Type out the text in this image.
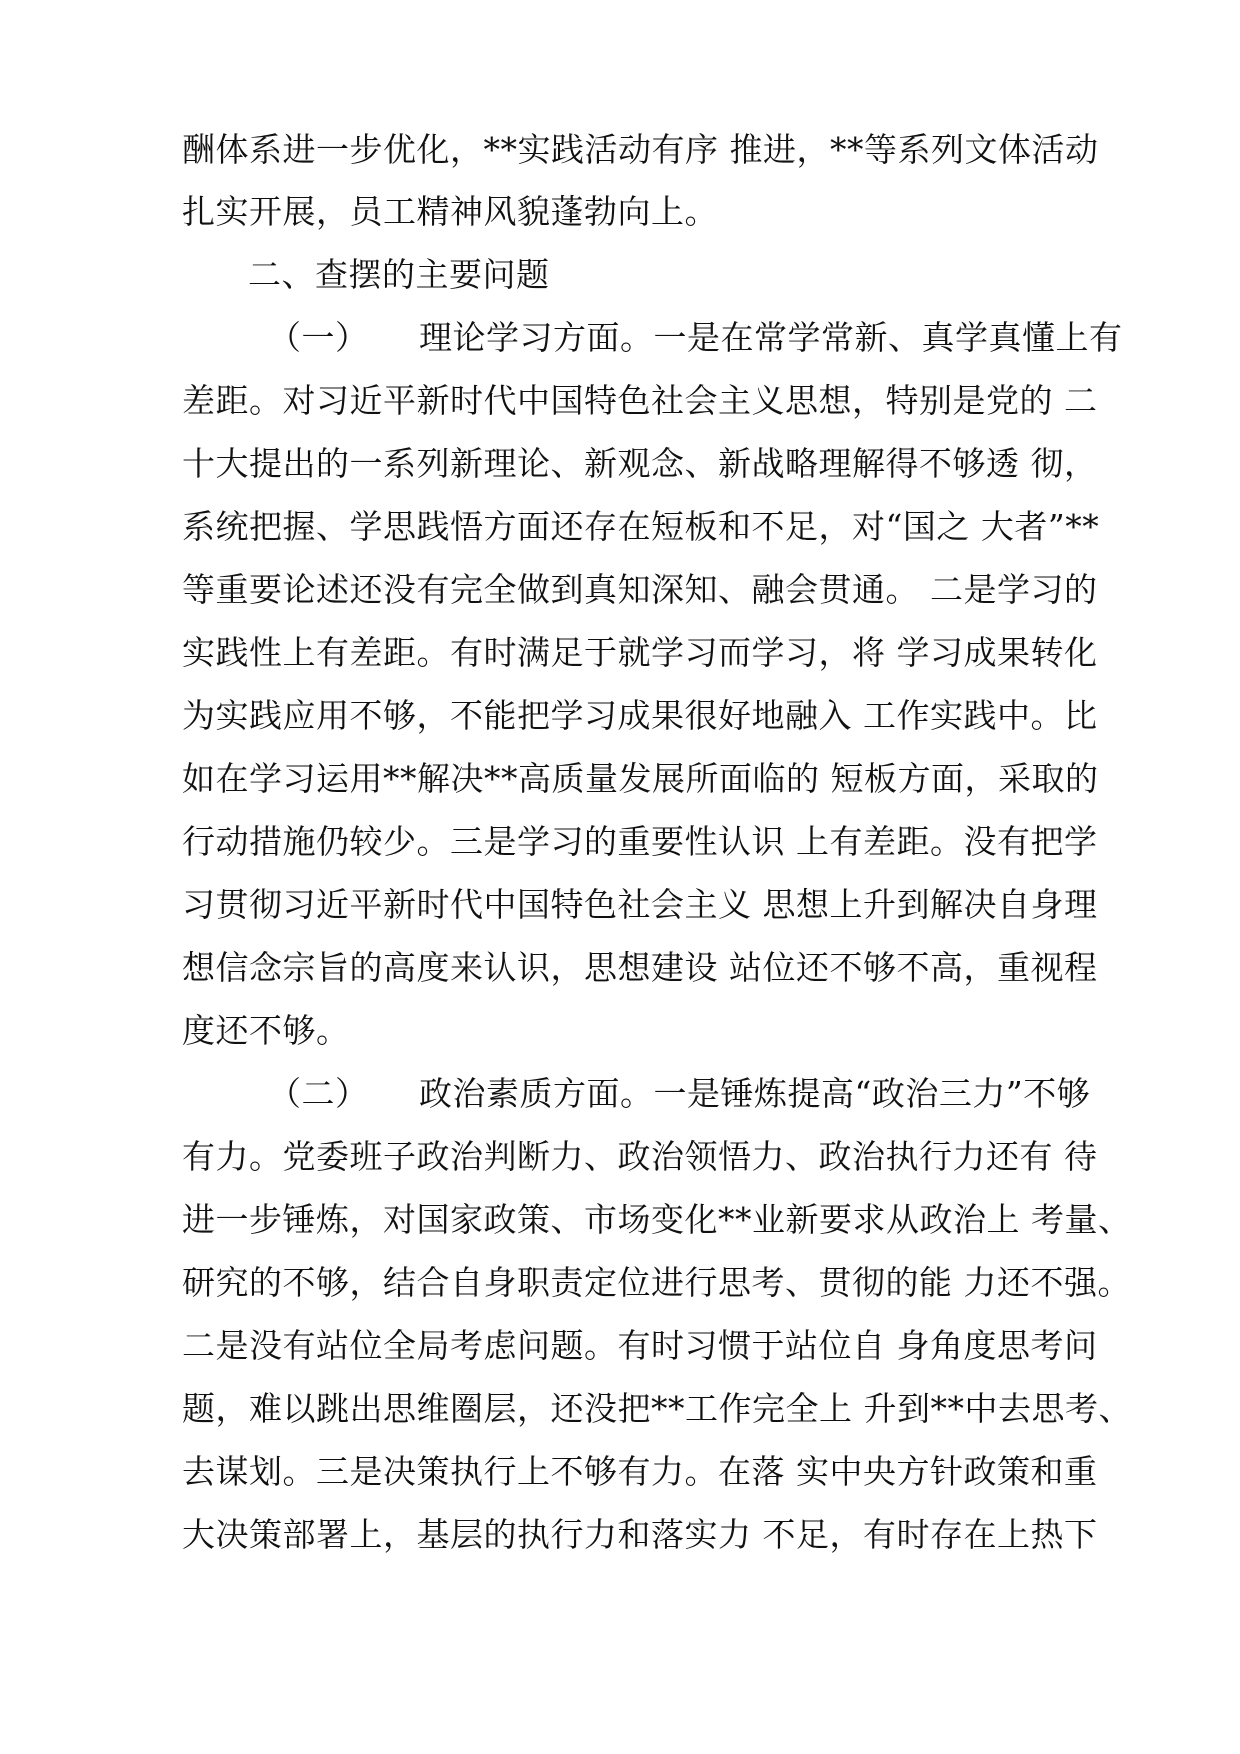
酬体系进一步优化，**实践活动有序 推进，**等系列文体活动
扎实开展，员工精神风貌蓬勃向上。
二、查摆的主要问题
（一）　　理论学习方面。一是在常学常新、真学真懂上有
差距。对习近平新时代中国特色社会主义思想，特别是党的 二
十大提出的一系列新理论、新观念、新战略理解得不够透 彻，
系统把握、学思践悟方面还存在短板和不足，对“国之 大者”**
等重要论述还没有完全做到真知深知、融会贯通。 二是学习的
实践性上有差距。有时满足于就学习而学习，将 学习成果转化
为实践应用不够，不能把学习成果很好地融入 工作实践中。比
如在学习运用**解决**高质量发展所面临的 短板方面，采取的
行动措施仍较少。三是学习的重要性认识 上有差距。没有把学
习贯彻习近平新时代中国特色社会主义 思想上升到解决自身理
想信念宗旨的高度来认识，思想建设 站位还不够不高，重视程
度还不够。
（二）　　政治素质方面。一是锤炼提高“政治三力”不够
有力。党委班子政治判断力、政治领悟力、政治执行力还有 待
进一步锤炼，对国家政策、市场变化**业新要求从政治上 考量、
研究的不够，结合自身职责定位进行思考、贯彻的能 力还不强。
二是没有站位全局考虑问题。有时习惯于站位自 身角度思考问
题，难以跳出思维圈层，还没把**工作完全上 升到**中去思考、
去谋划。三是决策执行上不够有力。在落 实中央方针政策和重
大决策部署上，基层的执行力和落实力 不足，有时存在上热下
